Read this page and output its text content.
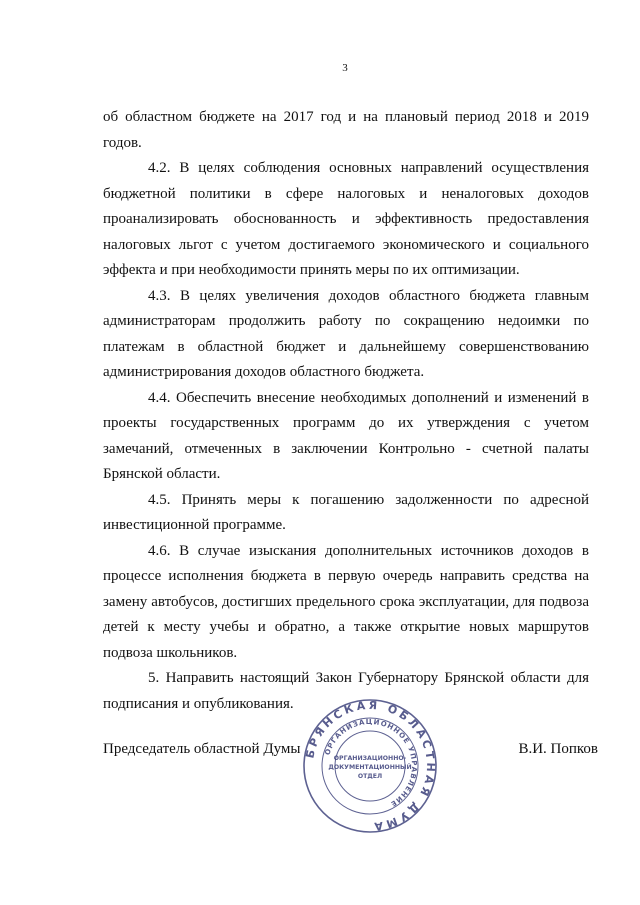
3

об областном бюджете на 2017 год и на плановый период 2018 и 2019 годов.

4.2. В целях соблюдения основных направлений осуществления бюджетной политики в сфере налоговых и неналоговых доходов проанализировать обоснованность и эффективность предоставления налоговых льгот с учетом достигаемого экономического и социального эффекта и при необходимости принять меры по их оптимизации.

4.3. В целях увеличения доходов областного бюджета главным администраторам продолжить работу по сокращению недоимки по платежам в областной бюджет и дальнейшему совершенствованию администрирования доходов областного бюджета.

4.4. Обеспечить внесение необходимых дополнений и изменений в проекты государственных программ до их утверждения с учетом замечаний, отмеченных в заключении Контрольно - счетной палаты Брянской области.

4.5. Принять меры к погашению задолженности по адресной инвестиционной программе.

4.6. В случае изыскания дополнительных источников доходов в процессе исполнения бюджета в первую очередь направить средства на замену автобусов, достигших предельного срока эксплуатации, для подвоза детей к месту учебы и обратно, а также открытие новых маршрутов подвоза школьников.

5. Направить настоящий Закон Губернатору Брянской области для подписания и опубликования.

БРЯНСКАЯ ОБЛАСТНАЯ ДУМА
ОРГАНИЗАЦИОННОЕ УПРАВЛЕНИЕ
ОРГАНИЗАЦИОННО-
ДОКУМЕНТАЦИОННЫЙ
ОТДЕЛ
Председатель областной Думы	В.И. Попков
